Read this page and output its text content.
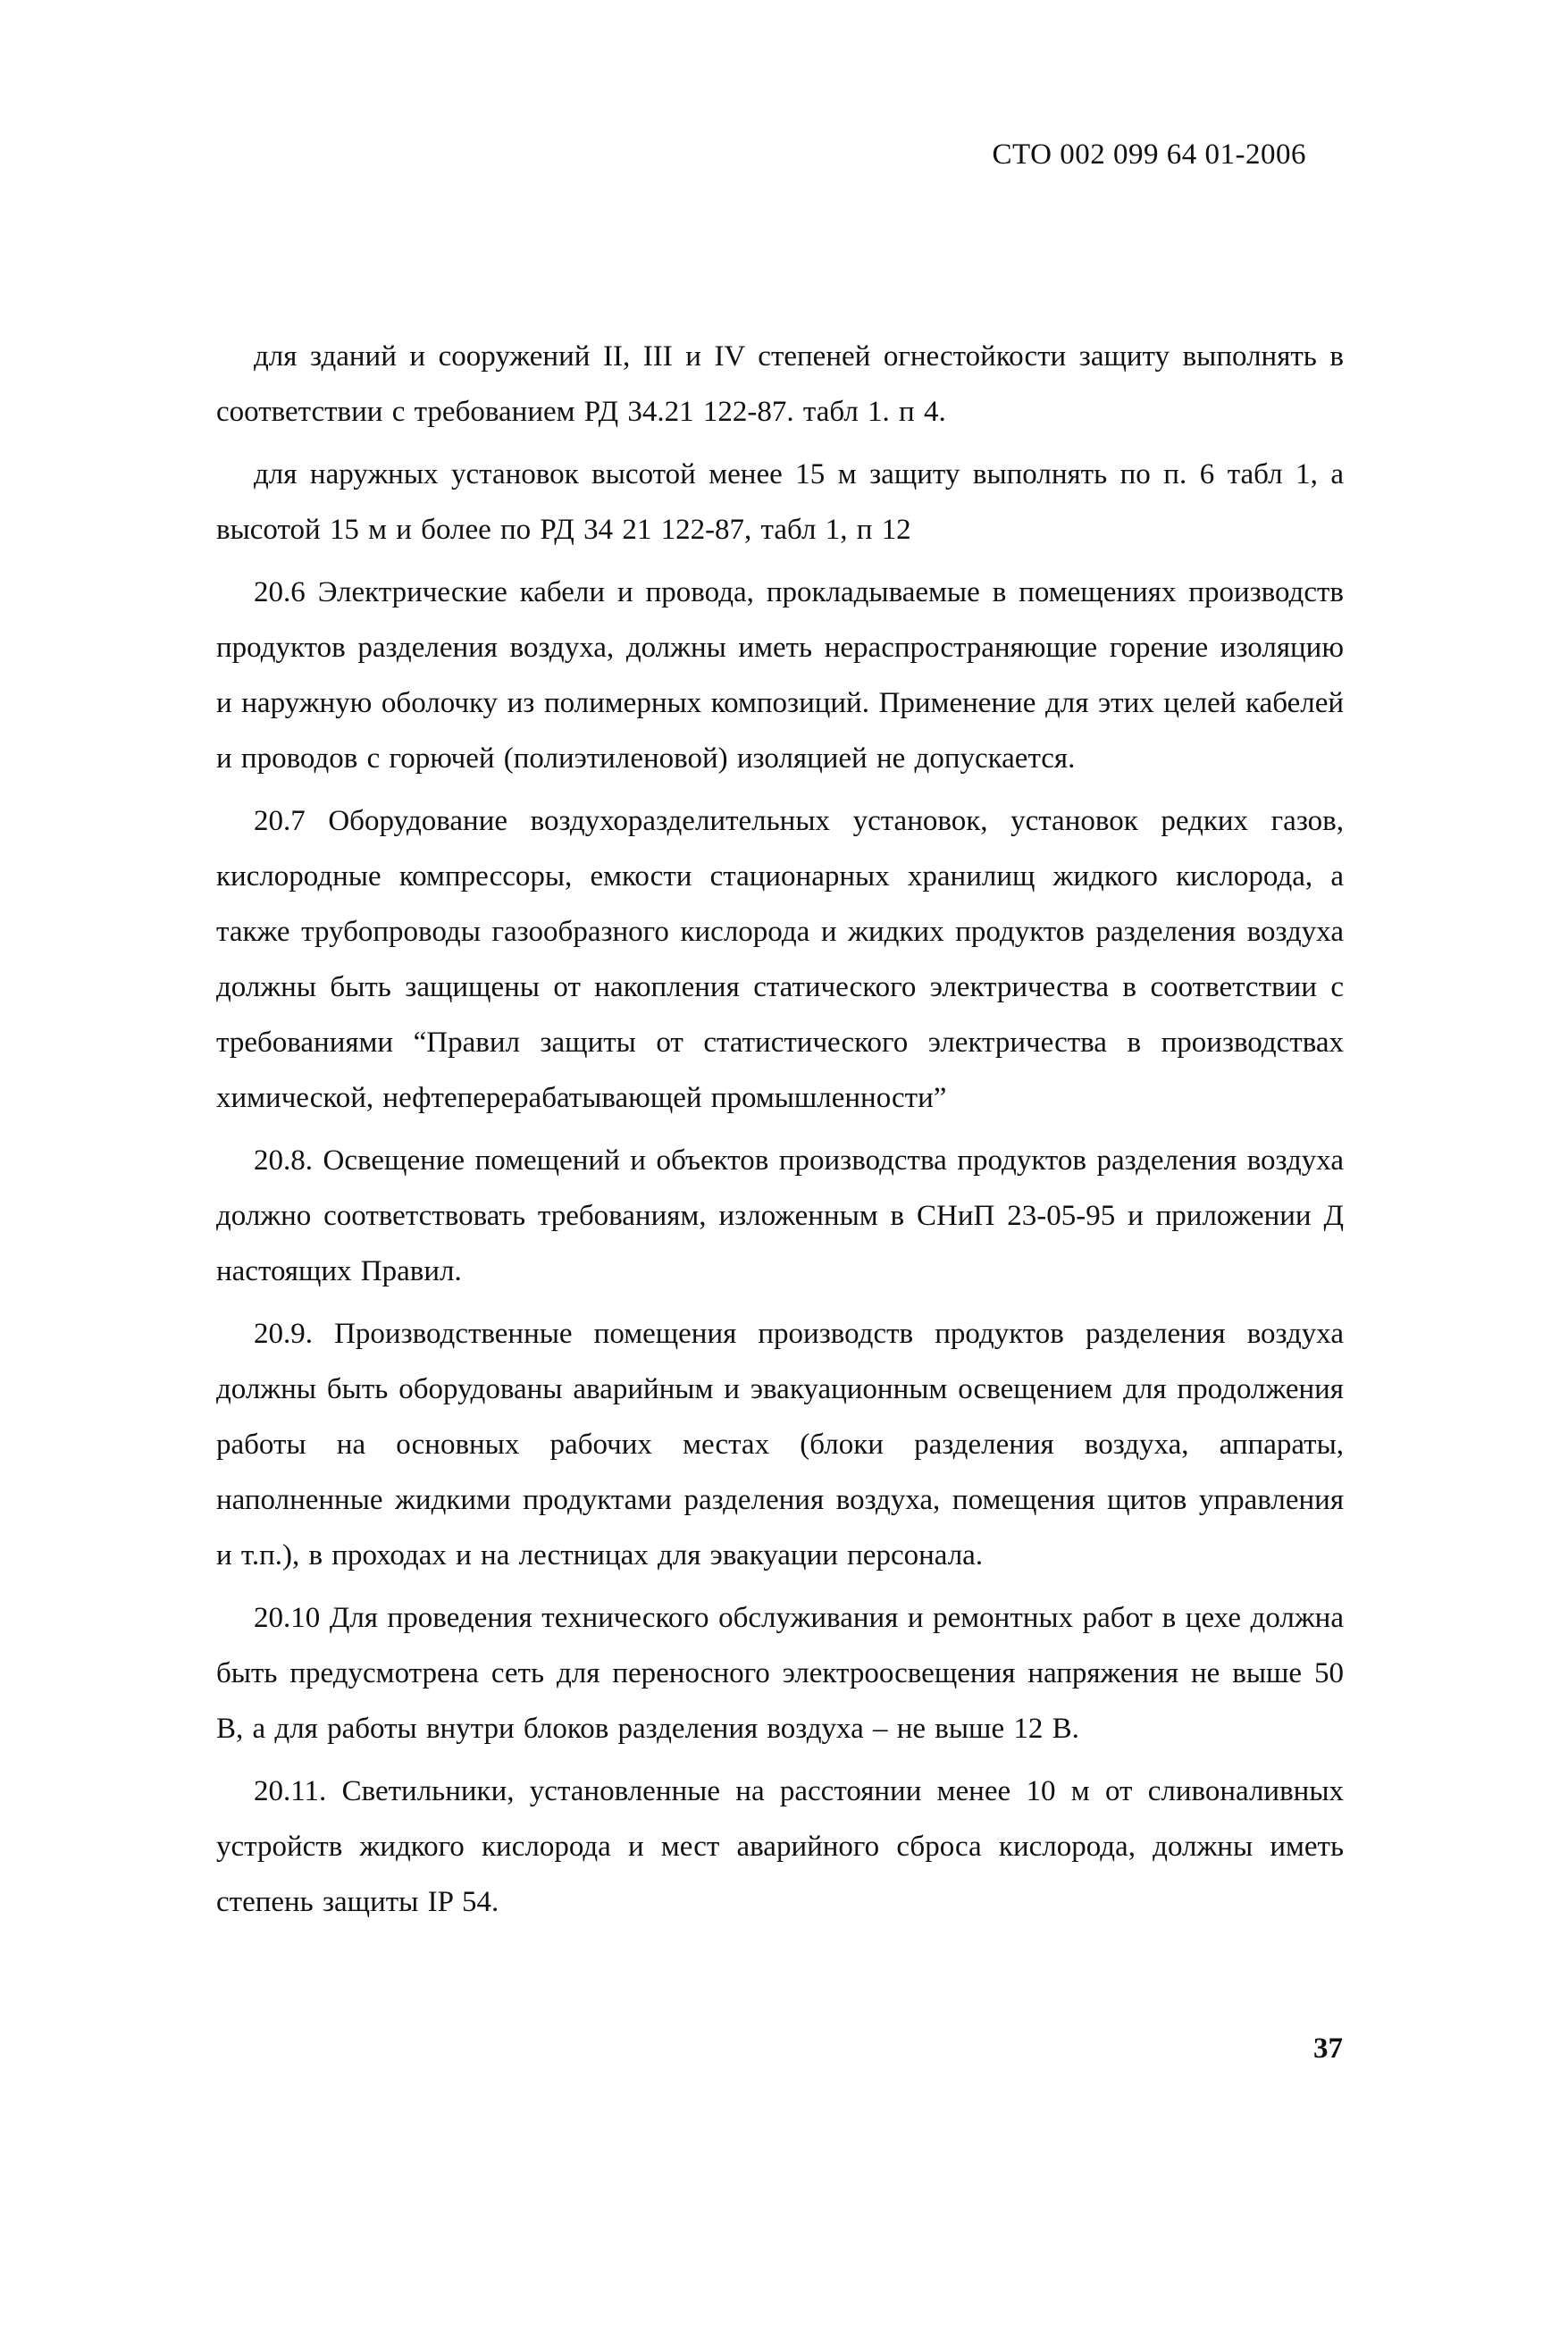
СТО 002 099 64 01-2006

для зданий и сооружений II, III и IV степеней огнестойкости защиту выполнять в соответствии с требованием РД 34.21 122-87. табл 1. п 4.

для наружных установок высотой менее 15 м защиту выполнять по п. 6 табл 1, а высотой 15 м и более по РД 34 21 122-87, табл 1, п 12

20.6 Электрические кабели и провода, прокладываемые в помещениях производств продуктов разделения воздуха, должны иметь нераспространяющие горение изоляцию и наружную оболочку из полимерных композиций. Применение для этих целей кабелей и проводов с горючей (полиэтиленовой) изоляцией не допускается.

20.7 Оборудование воздухоразделительных установок, установок редких газов, кислородные компрессоры, емкости стационарных хранилищ жидкого кислорода, а также трубопроводы газообразного кислорода и жидких продуктов разделения воздуха должны быть защищены от накопления статического электричества в соответствии с требованиями “Правил защиты от статистического электричества в производствах химической, нефтеперерабатывающей промышленности”

20.8. Освещение помещений и объектов производства продуктов разделения воздуха должно соответствовать требованиям, изложенным в СНиП 23-05-95 и приложении Д настоящих Правил.

20.9. Производственные помещения производств продуктов разделения воздуха должны быть оборудованы аварийным и эвакуационным освещением для продолжения работы на основных рабочих местах (блоки разделения воздуха, аппараты, наполненные жидкими продуктами разделения воздуха, помещения щитов управления и т.п.), в проходах и на лестницах для эвакуации персонала.

20.10 Для проведения технического обслуживания и ремонтных работ в цехе должна быть предусмотрена сеть для переносного электроосвещения напряжения не выше 50 В, а для работы внутри блоков разделения воздуха – не выше 12 В.

20.11. Светильники, установленные на расстоянии менее 10 м от сливоналивных устройств жидкого кислорода и мест аварийного сброса кислорода, должны иметь степень защиты IP 54.

37
